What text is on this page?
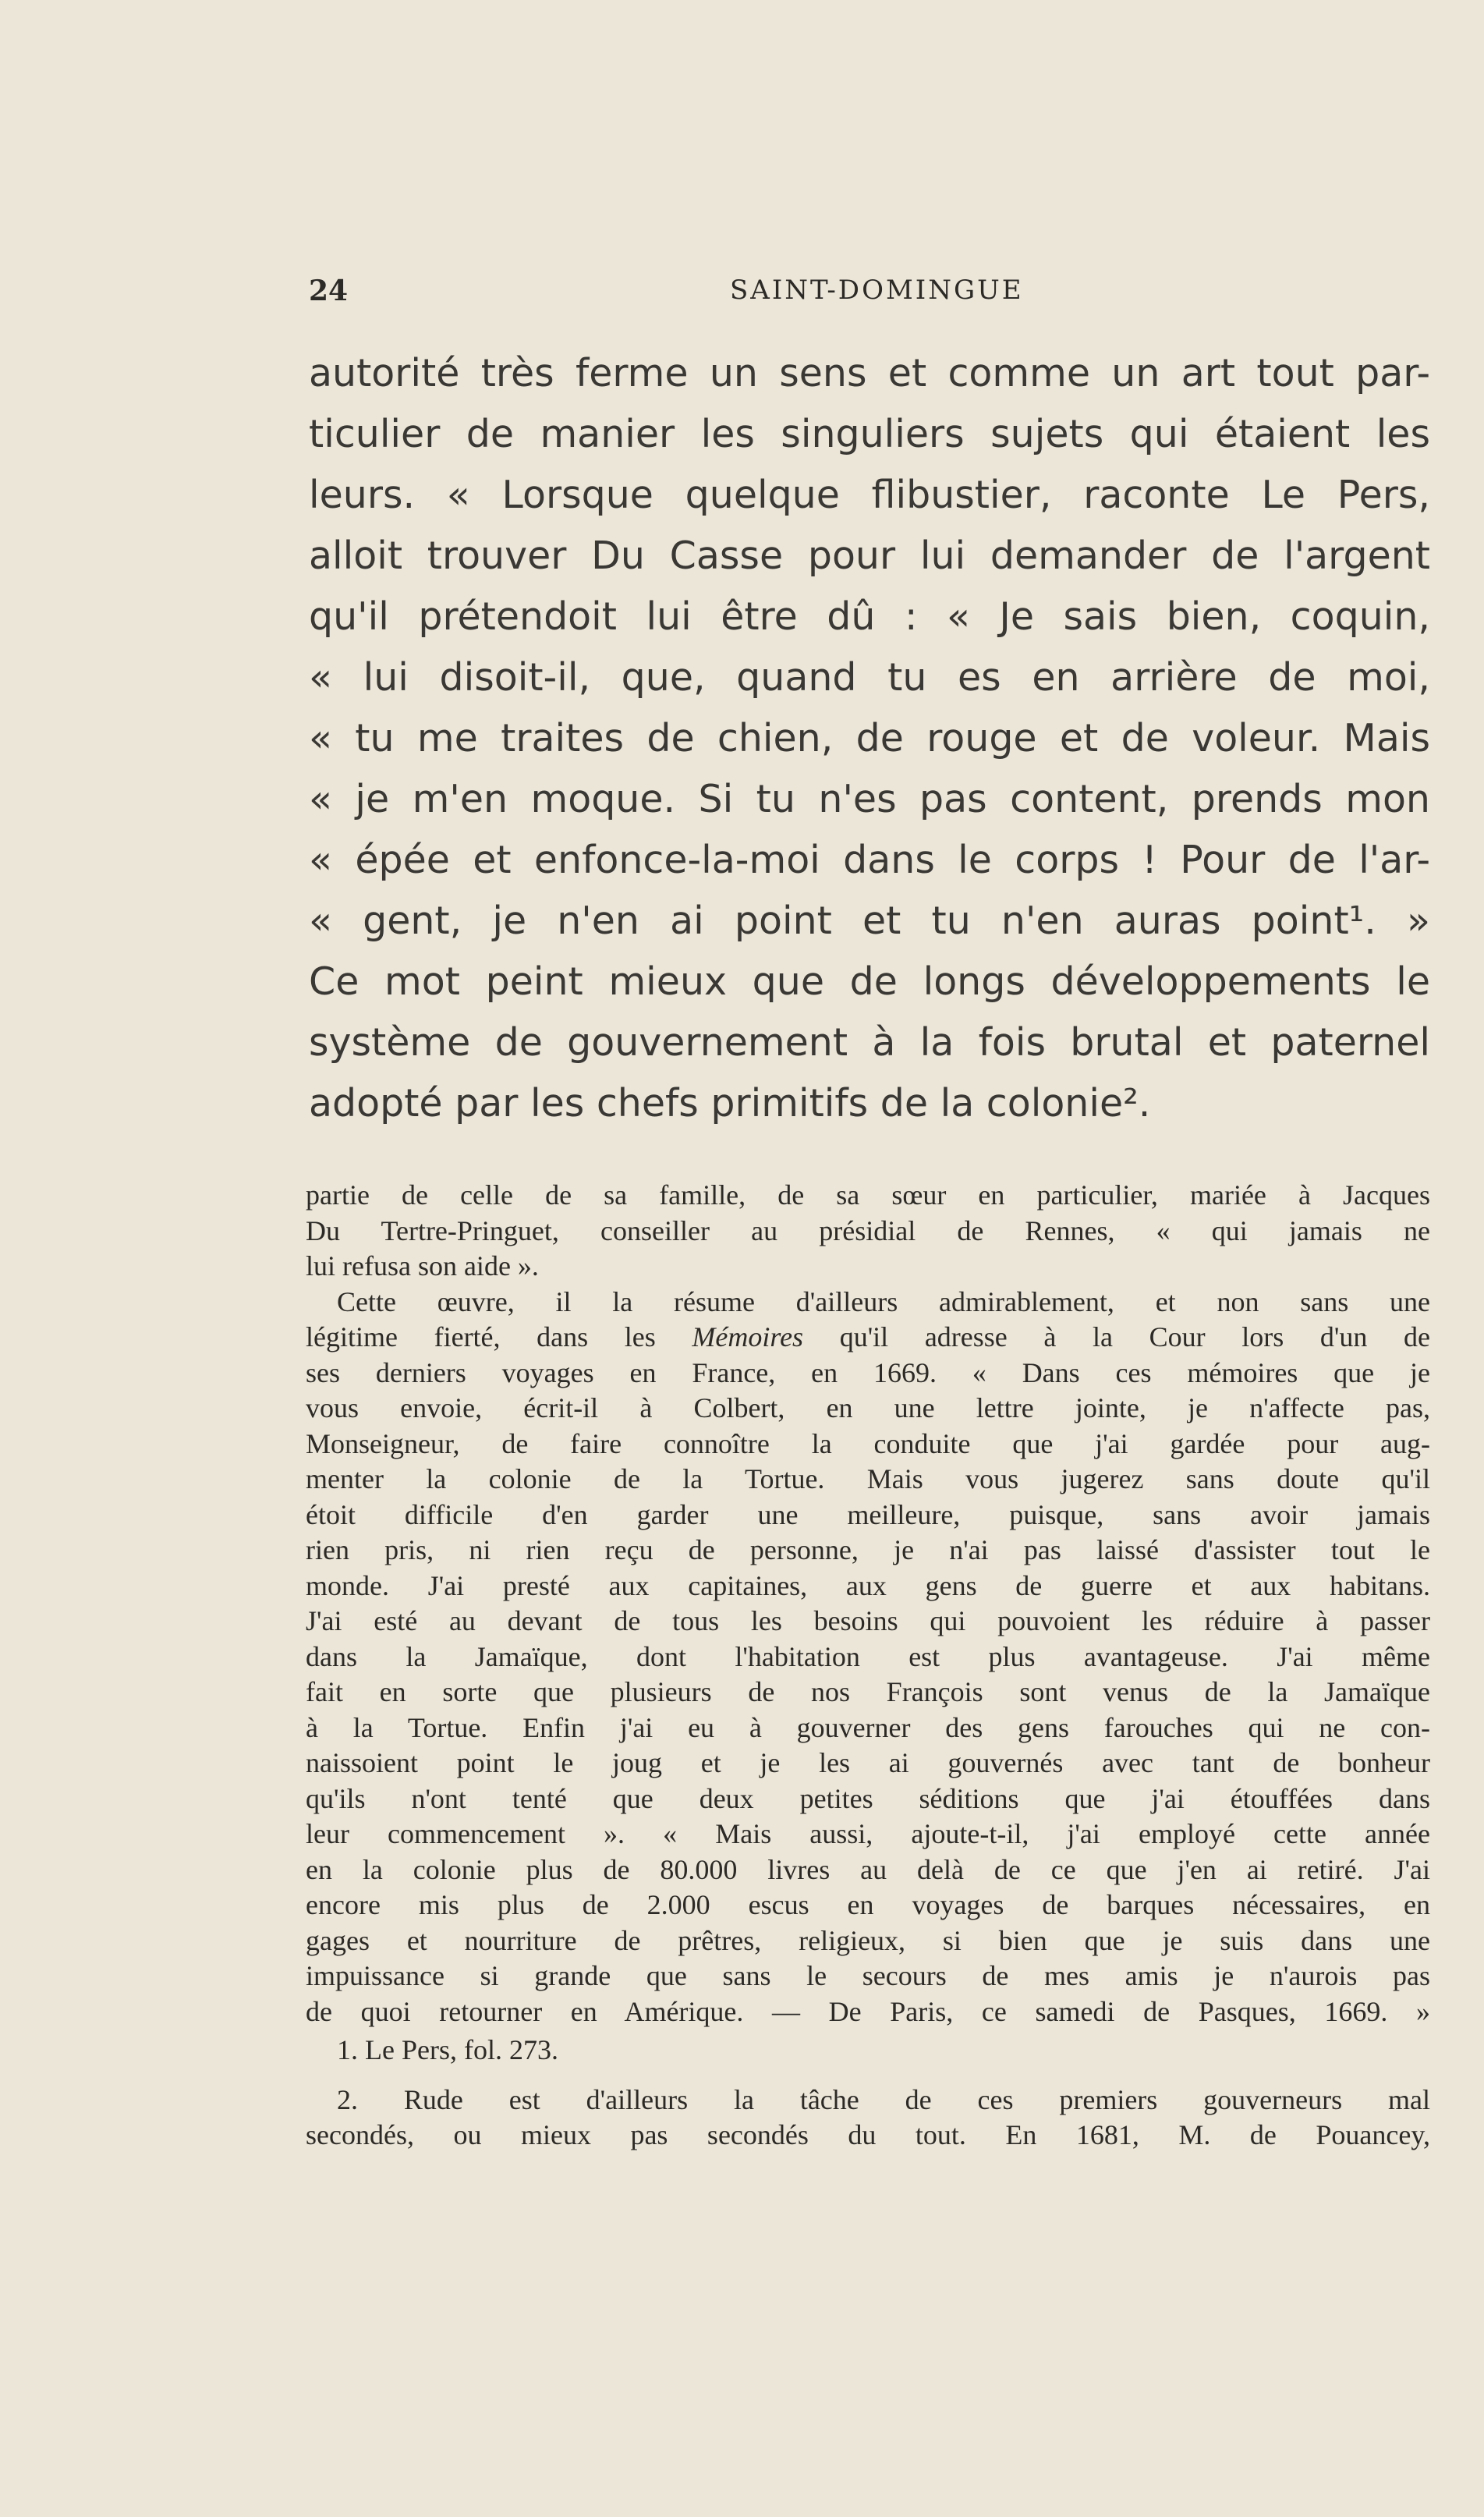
24	SAINT-DOMINGUE
autorité très ferme un sens et comme un art tout par-
ticulier de manier les singuliers sujets qui étaient les
leurs. « Lorsque quelque flibustier, raconte Le Pers,
alloit trouver Du Casse pour lui demander de l'argent
qu'il prétendoit lui être dû : « Je sais bien, coquin,
« lui disoit-il, que, quand tu es en arrière de moi,
« tu me traites de chien, de rouge et de voleur. Mais
« je m'en moque. Si tu n'es pas content, prends mon
« épée et enfonce-la-moi dans le corps ! Pour de l'ar-
« gent, je n'en ai point et tu n'en auras point¹. »
Ce mot peint mieux que de longs développements le
système de gouvernement à la fois brutal et paternel
adopté par les chefs primitifs de la colonie².
partie de celle de sa famille, de sa sœur en particulier, mariée à Jacques
Du Tertre-Pringuet, conseiller au présidial de Rennes, « qui jamais ne
lui refusa son aide ».
Cette œuvre, il la résume d'ailleurs admirablement, et non sans une
légitime fierté, dans les Mémoires qu'il adresse à la Cour lors d'un de
ses derniers voyages en France, en 1669. « Dans ces mémoires que je
vous envoie, écrit-il à Colbert, en une lettre jointe, je n'affecte pas,
Monseigneur, de faire connoître la conduite que j'ai gardée pour aug-
menter la colonie de la Tortue. Mais vous jugerez sans doute qu'il
étoit difficile d'en garder une meilleure, puisque, sans avoir jamais
rien pris, ni rien reçu de personne, je n'ai pas laissé d'assister tout le
monde. J'ai presté aux capitaines, aux gens de guerre et aux habitans.
J'ai esté au devant de tous les besoins qui pouvoient les réduire à passer
dans la Jamaïque, dont l'habitation est plus avantageuse. J'ai même
fait en sorte que plusieurs de nos François sont venus de la Jamaïque
à la Tortue. Enfin j'ai eu à gouverner des gens farouches qui ne con-
naissoient point le joug et je les ai gouvernés avec tant de bonheur
qu'ils n'ont tenté que deux petites séditions que j'ai étouffées dans
leur commencement ». « Mais aussi, ajoute-t-il, j'ai employé cette année
en la colonie plus de 80.000 livres au delà de ce que j'en ai retiré. J'ai
encore mis plus de 2.000 escus en voyages de barques nécessaires, en
gages et nourriture de prêtres, religieux, si bien que je suis dans une
impuissance si grande que sans le secours de mes amis je n'aurois pas
de quoi retourner en Amérique. — De Paris, ce samedi de Pasques, 1669. »
1. Le Pers, fol. 273.
2. Rude est d'ailleurs la tâche de ces premiers gouverneurs mal
secondés, ou mieux pas secondés du tout. En 1681, M. de Pouancey,
